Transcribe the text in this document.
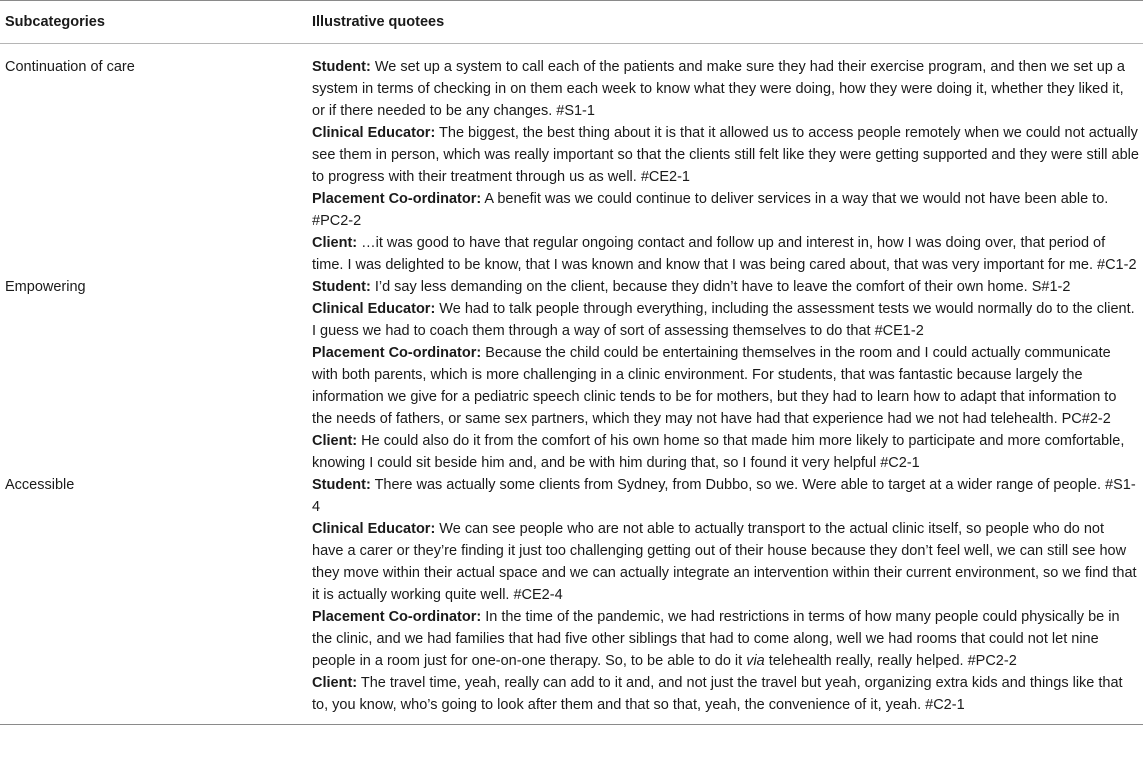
Subcategories	Illustrative quotees
Continuation of care	Student: We set up a system to call each of the patients and make sure they had their exercise program, and then we set up a system in terms of checking in on them each week to know what they were doing, how they were doing it, whether they liked it, or if there needed to be any changes. #S1-1

Clinical Educator: The biggest, the best thing about it is that it allowed us to access people remotely when we could not actually see them in person, which was really important so that the clients still felt like they were getting supported and they were still able to progress with their treatment through us as well. #CE2-1

Placement Co-ordinator: A benefit was we could continue to deliver services in a way that we would not have been able to. #PC2-2

Client: …it was good to have that regular ongoing contact and follow up and interest in, how I was doing over, that period of time. I was delighted to be know, that I was known and know that I was being cared about, that was very important for me. #C1-2

Empowering	Student: I’d say less demanding on the client, because they didn’t have to leave the comfort of their own home. S#1-2

Clinical Educator: We had to talk people through everything, including the assessment tests we would normally do to the client. I guess we had to coach them through a way of sort of assessing themselves to do that #CE1-2

Placement Co-ordinator: Because the child could be entertaining themselves in the room and I could actually communicate with both parents, which is more challenging in a clinic environment. For students, that was fantastic because largely the information we give for a pediatric speech clinic tends to be for mothers, but they had to learn how to adapt that information to the needs of fathers, or same sex partners, which they may not have had that experience had we not had telehealth. PC#2-2

Client: He could also do it from the comfort of his own home so that made him more likely to participate and more comfortable, knowing I could sit beside him and, and be with him during that, so I found it very helpful #C2-1

Accessible	Student: There was actually some clients from Sydney, from Dubbo, so we. Were able to target at a wider range of people. #S1-4

Clinical Educator: We can see people who are not able to actually transport to the actual clinic itself, so people who do not have a carer or they’re finding it just too challenging getting out of their house because they don’t feel well, we can still see how they move within their actual space and we can actually integrate an intervention within their current environment, so we find that it is actually working quite well. #CE2-4

Placement Co-ordinator: In the time of the pandemic, we had restrictions in terms of how many people could physically be in the clinic, and we had families that had five other siblings that had to come along, well we had rooms that could not let nine people in a room just for one-on-one therapy. So, to be able to do it via telehealth really, really helped. #PC2-2

Client: The travel time, yeah, really can add to it and, and not just the travel but yeah, organizing extra kids and things like that to, you know, who’s going to look after them and that so that, yeah, the convenience of it, yeah. #C2-1
